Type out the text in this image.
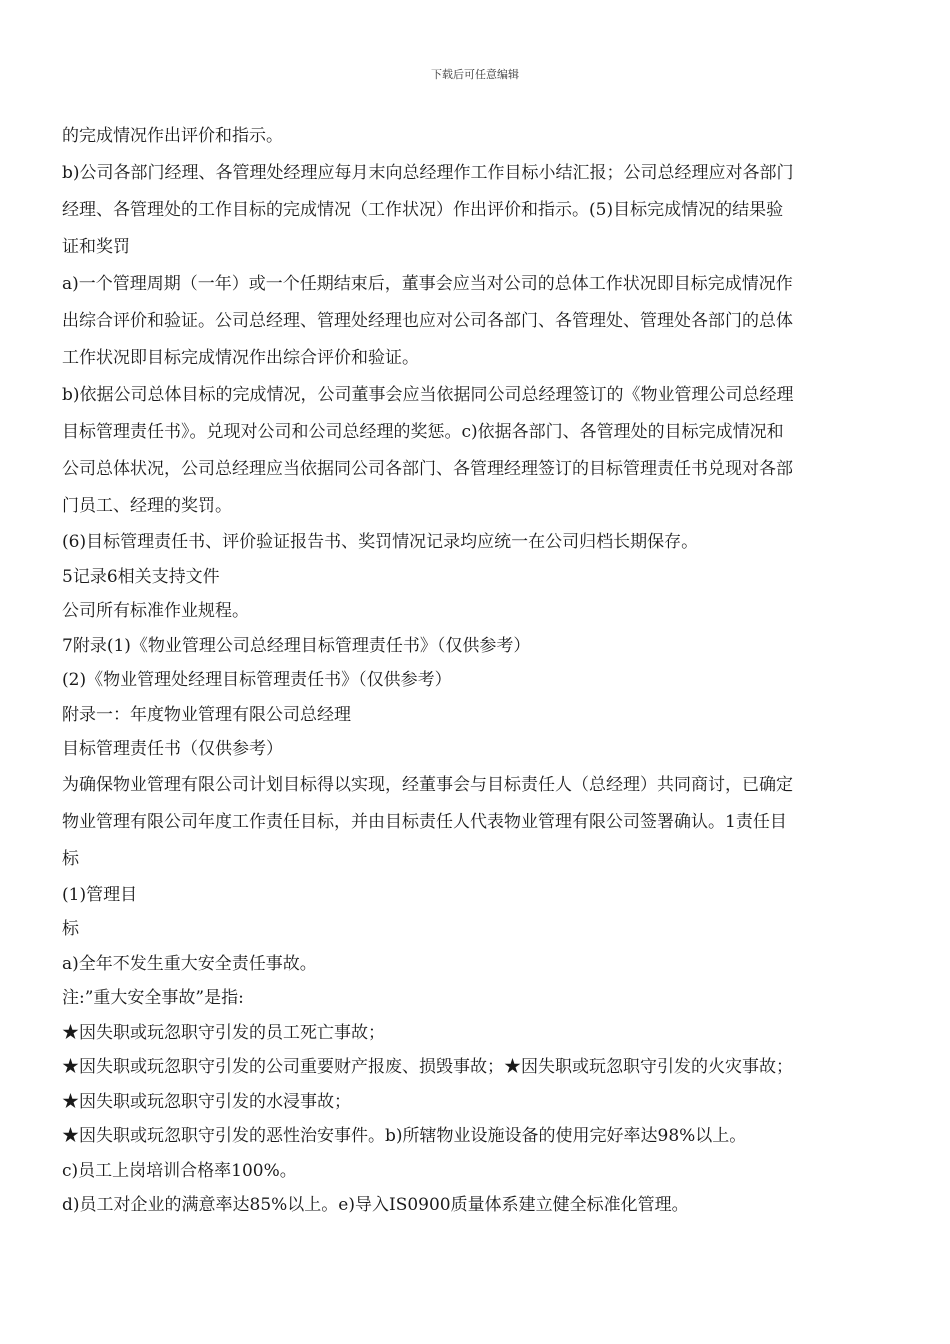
下载后可任意编辑
的完成情况作出评价和指示。
b)公司各部门经理、各管理处经理应每月末向总经理作工作目标小结汇报；公司总经理应对各部门
经理、各管理处的工作目标的完成情况（工作状况）作出评价和指示。(5)目标完成情况的结果验
证和奖罚
a)一个管理周期（一年）或一个任期结束后，董事会应当对公司的总体工作状况即目标完成情况作
出综合评价和验证。公司总经理、管理处经理也应对公司各部门、各管理处、管理处各部门的总体
工作状况即目标完成情况作出综合评价和验证。
b)依据公司总体目标的完成情况，公司董事会应当依据同公司总经理签订的《物业管理公司总经理
目标管理责任书》。兑现对公司和公司总经理的奖惩。c)依据各部门、各管理处的目标完成情况和
公司总体状况，公司总经理应当依据同公司各部门、各管理经理签订的目标管理责任书兑现对各部
门员工、经理的奖罚。
(6)目标管理责任书、评价验证报告书、奖罚情况记录均应统一在公司归档长期保存。
5记录6相关支持文件
公司所有标准作业规程。
7附录(1)《物业管理公司总经理目标管理责任书》（仅供参考）
(2)《物业管理处经理目标管理责任书》（仅供参考）
附录一：年度物业管理有限公司总经理
目标管理责任书（仅供参考）
为确保物业管理有限公司计划目标得以实现，经董事会与目标责任人（总经理）共同商讨，已确定
物业管理有限公司年度工作责任目标，并由目标责任人代表物业管理有限公司签署确认。1责任目
标
(1)管理目
标
a)全年不发生重大安全责任事故。
注:”重大安全事故”是指:
★因失职或玩忽职守引发的员工死亡事故；
★因失职或玩忽职守引发的公司重要财产报废、损毁事故；★因失职或玩忽职守引发的火灾事故；
★因失职或玩忽职守引发的水浸事故；
★因失职或玩忽职守引发的恶性治安事件。b)所辖物业设施设备的使用完好率达98%以上。
c)员工上岗培训合格率100%。
d)员工对企业的满意率达85%以上。e)导入IS0900质量体系建立健全标准化管理。
